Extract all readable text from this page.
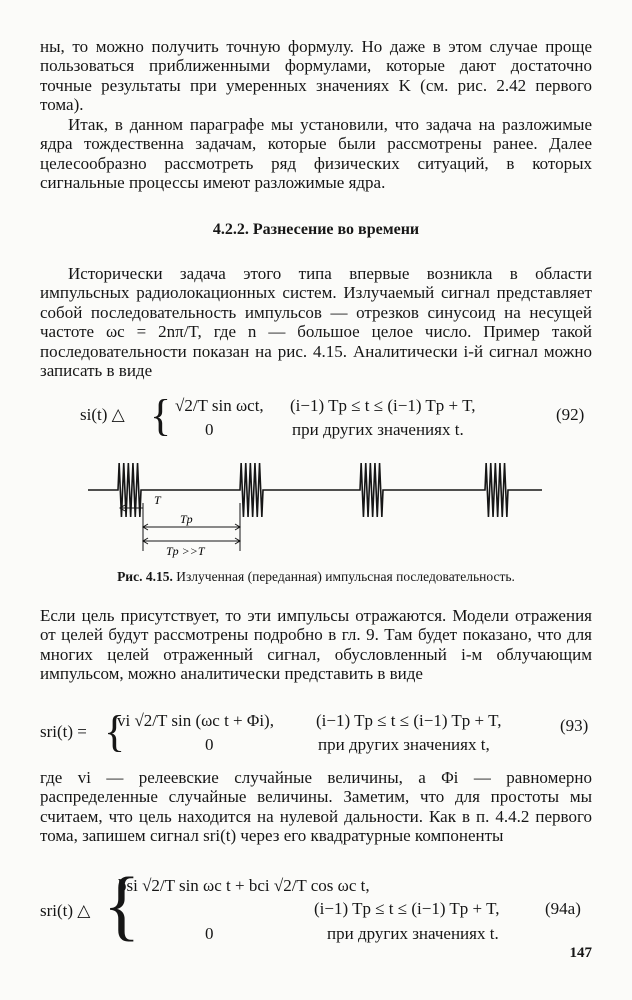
ны, то можно получить точную формулу. Но даже в этом случае проще пользоваться приближенными формулами, которые дают достаточно точные результаты при умеренных значениях K (см. рис. 2.42 первого тома).

Итак, в данном параграфе мы установили, что задача на разложимые ядра тождественна задачам, которые были рассмотрены ранее. Далее целесообразно рассмотреть ряд физических ситуаций, в которых сигнальные процессы имеют разложимые ядра.

4.2.2. Разнесение во времени

Исторически задача этого типа впервые возникла в области импульсных радиолокационных систем. Излучаемый сигнал представляет собой последовательность импульсов — отрезков синусоид на несущей частоте ωc = 2nπ/T, где n — большое целое число. Пример такой последовательности показан на рис. 4.15. Аналитически i-й сигнал можно записать в виде

si(t) △ { √2/T sin ωct, (i−1) Tp ≤ t ≤ (i−1) Tp + T,
0	при других значениях t.
(92)
T
Tp
Tp >>T

Рис. 4.15. Излученная (переданная) импульсная последовательность.

Если цель присутствует, то эти импульсы отражаются. Модели отражения от целей будут рассмотрены подробно в гл. 9. Там будет показано, что для многих целей отраженный сигнал, обусловленный i-м облучающим импульсом, можно аналитически представить в виде

sri(t) = {
vi √2/T sin (ωc t + Φi), (i−1) Tp ≤ t ≤ (i−1) Tp + T,
0	при других значениях t,
(93)

где vi — релеевские случайные величины, а Φi — равномерно распределенные случайные величины. Заметим, что для простоты мы считаем, что цель находится на нулевой дальности. Как в п. 4.4.2 первого тома, запишем сигнал sri(t) через его квадратурные компоненты

sri(t) △ {
bsi √2/T sin ωc t + bci √2/T cos ωc t,
(i−1) Tp ≤ t ≤ (i−1) Tp + T,	(94a)
0	при других значениях t.
147
